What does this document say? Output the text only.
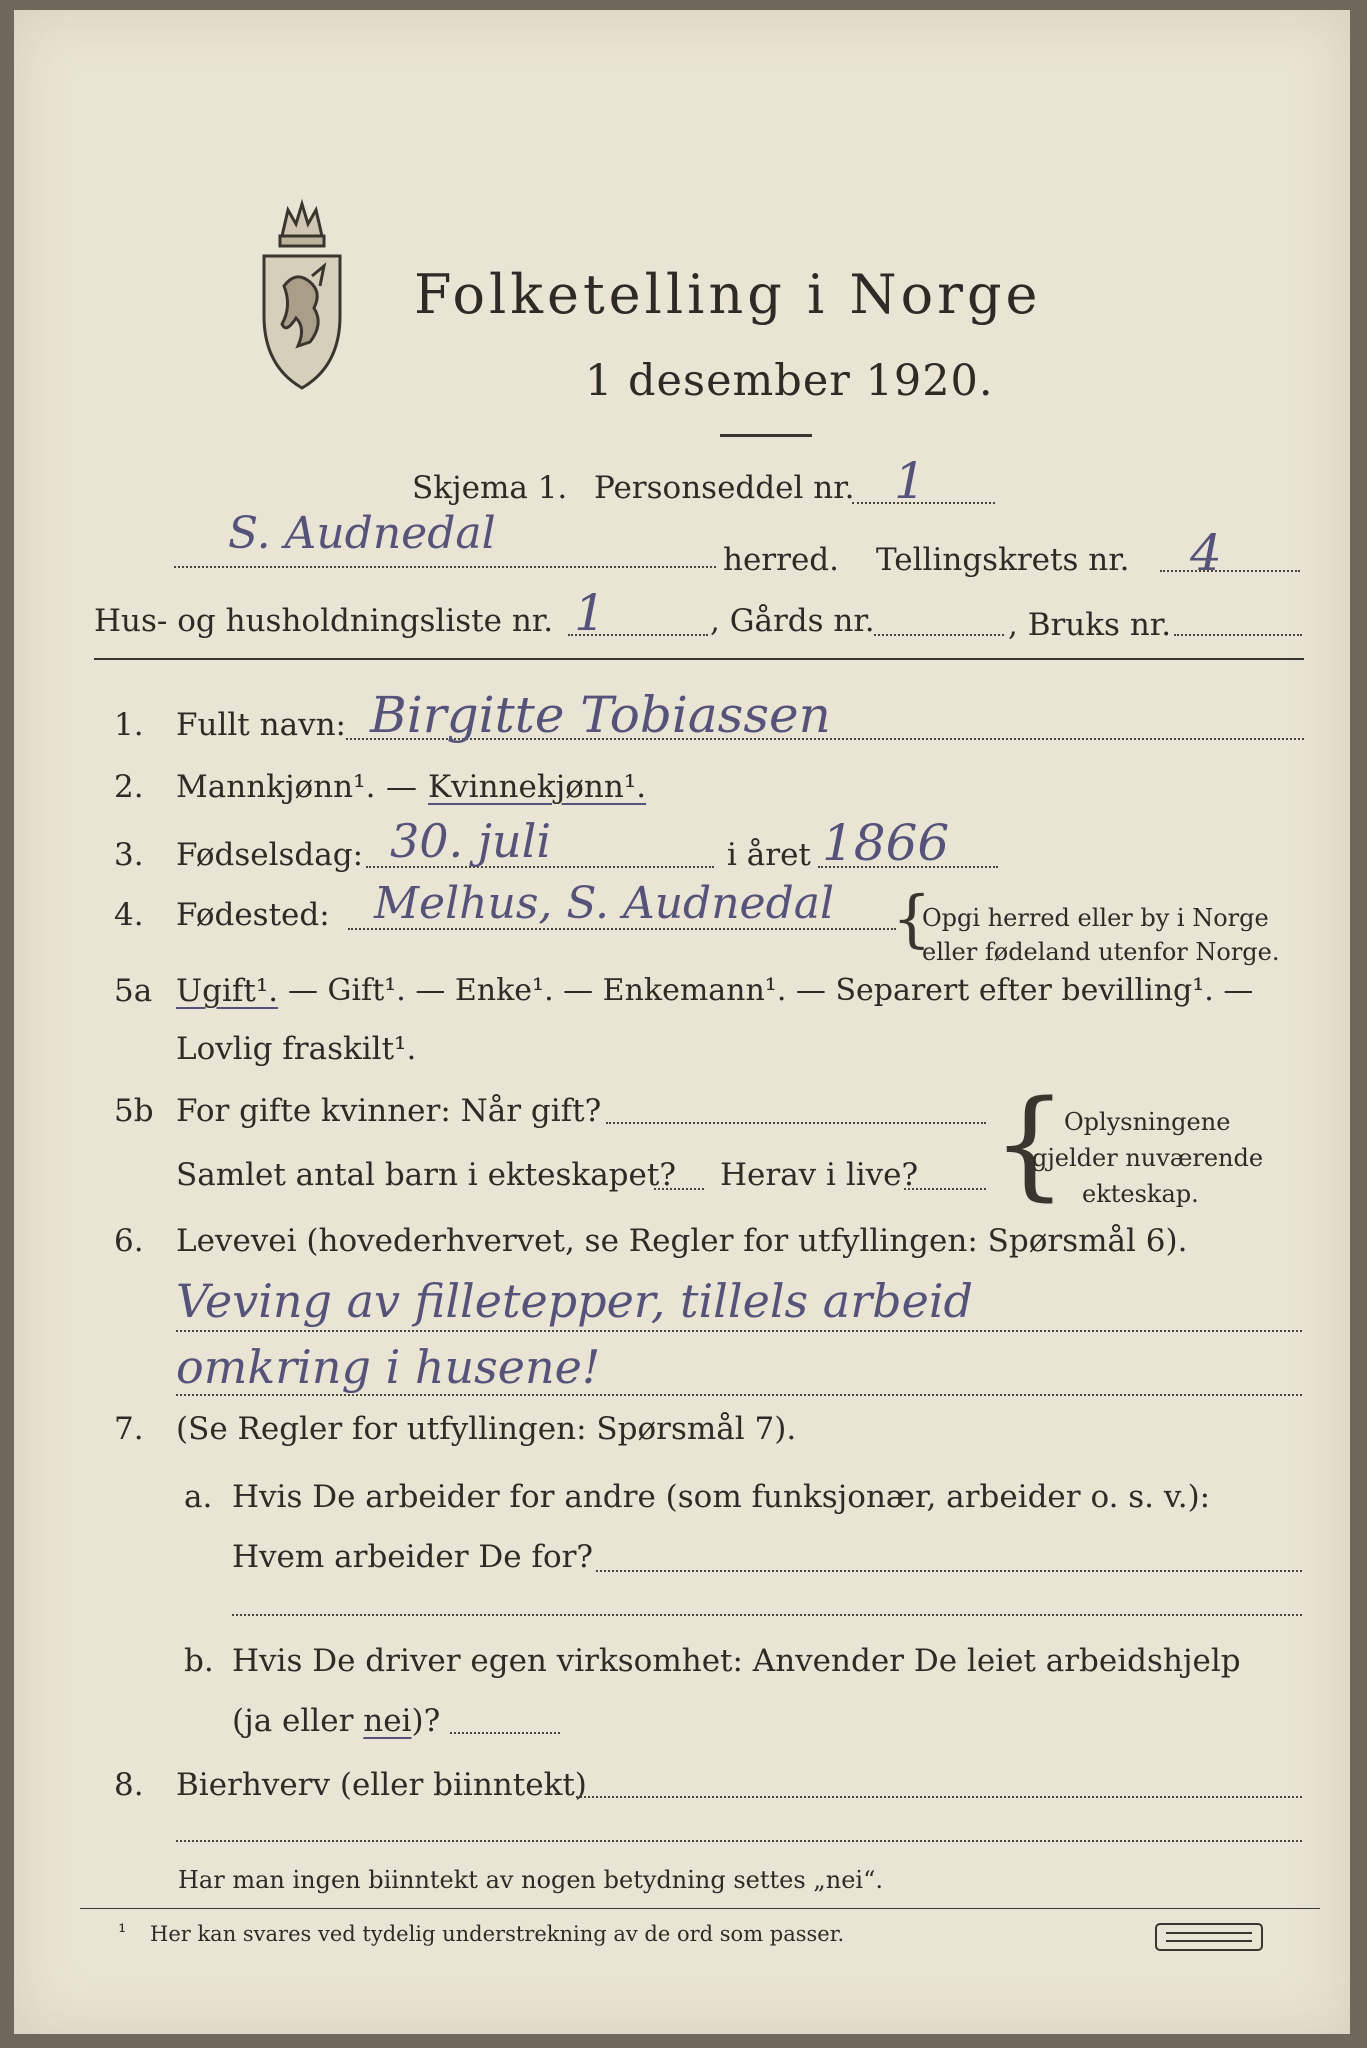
Folketelling i Norge
1 desember 1920.
Skjema 1. Personseddel nr. 1
S. Audnedal
herred. Tellingskrets nr. 4
Hus- og husholdningsliste nr. 1	, Gårds nr.	, Bruks nr.
1. Fullt navn: Birgitte Tobiassen
2. Mannkjønn¹. — Kvinnekjønn¹.
3. Fødselsdag: 30. juli	i året 1866
4. Fødested: Melhus, S. Audnedal {
Opgi herred eller by i Norge
eller fødeland utenfor Norge.
5a Ugift¹. — Gift¹. — Enke¹. — Enkemann¹. — Separert efter bevilling¹. —
Lovlig fraskilt¹.
5b For gifte kvinner: Når gift?
Samlet antal barn i ekteskapet? Herav i live? {
Oplysningene
gjelder nuværende
ekteskap.
6. Levevei (hovederhvervet, se Regler for utfyllingen: Spørsmål 6).
Veving av filletepper, tillels arbeid
omkring i husene!
7. (Se Regler for utfyllingen: Spørsmål 7).
a. Hvis De arbeider for andre (som funksjonær, arbeider o. s. v.):
Hvem arbeider De for?
b. Hvis De driver egen virksomhet: Anvender De leiet arbeidshjelp
(ja eller nei)?
8. Bierhverv (eller biinntekt)
Har man ingen biinntekt av nogen betydning settes „nei“.
¹ Her kan svares ved tydelig understrekning av de ord som passer.
